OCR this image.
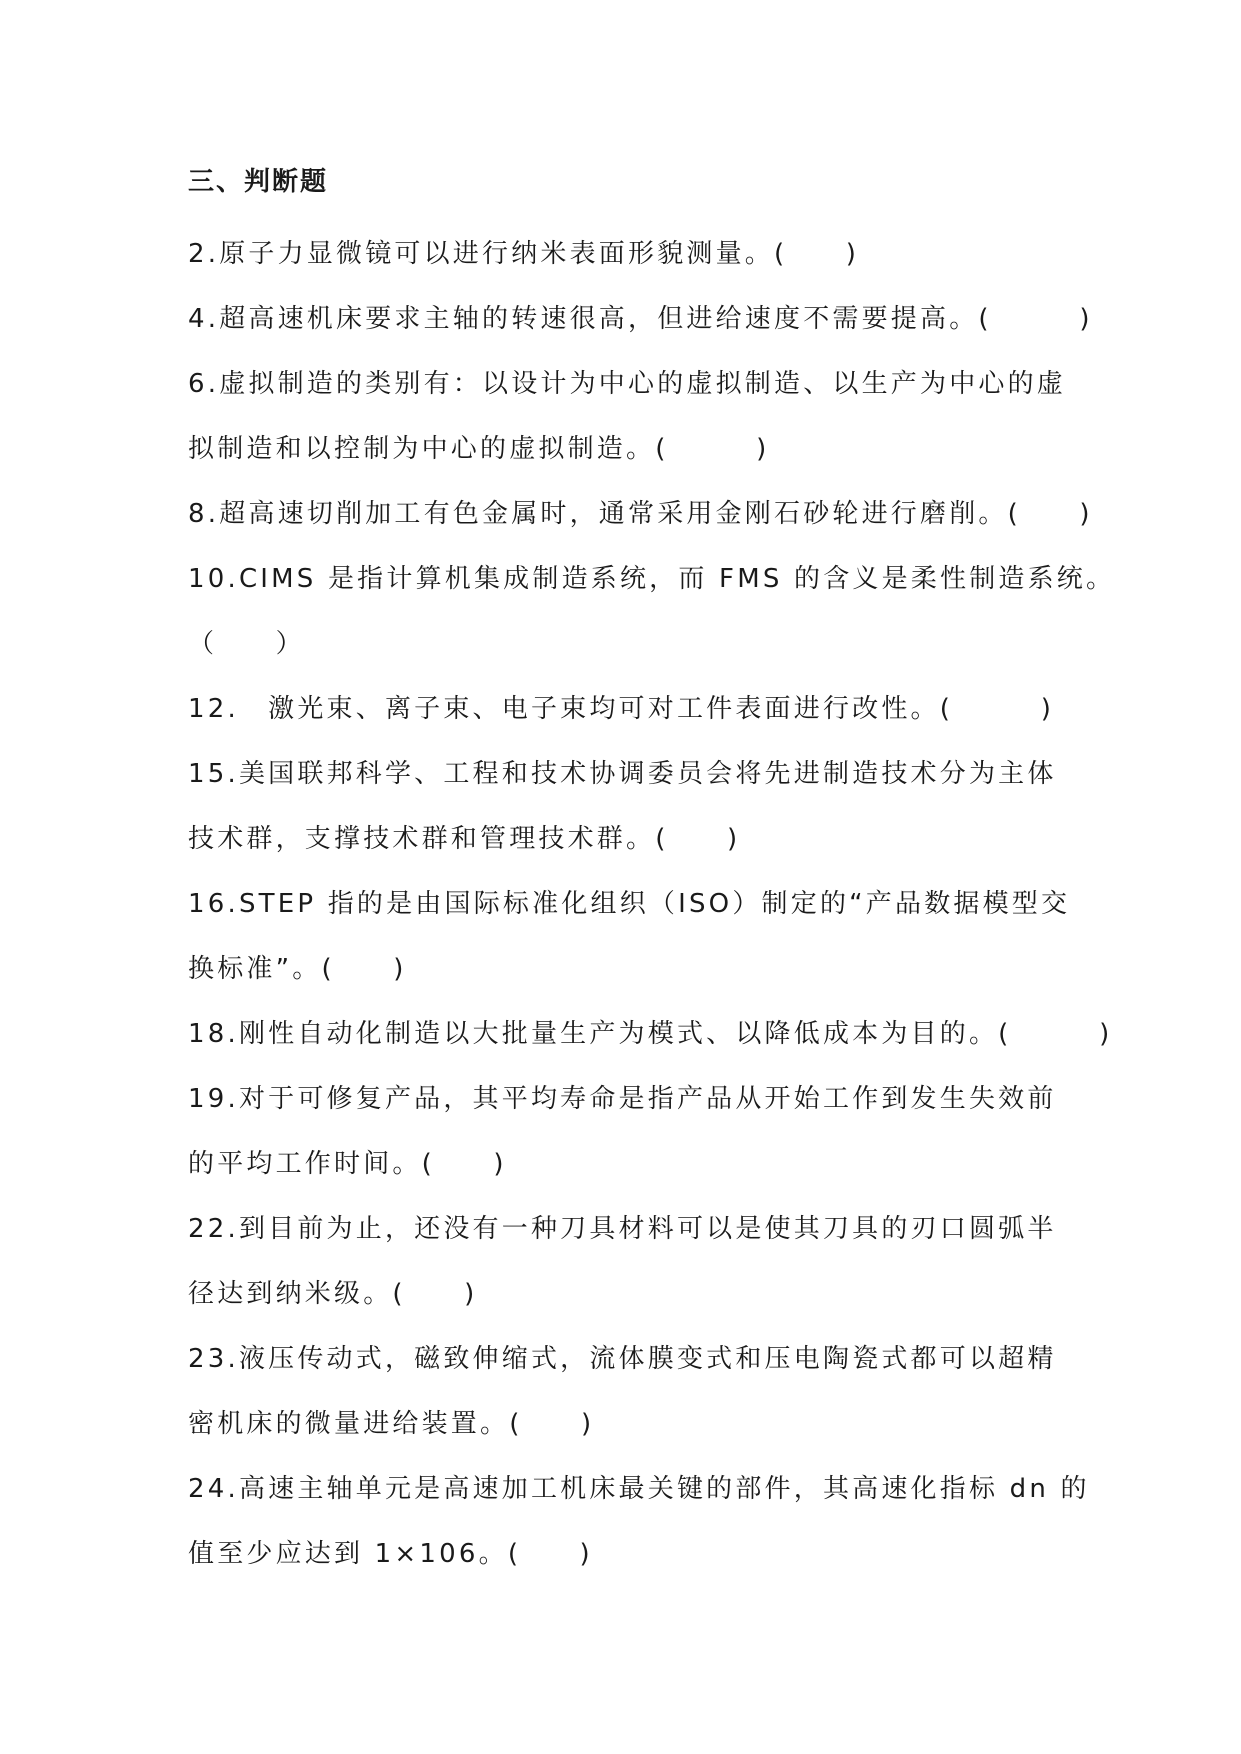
三、判断题
2.原子力显微镜可以进行纳米表面形貌测量。(　　)
4.超高速机床要求主轴的转速很高，但进给速度不需要提高。(　　　)
6.虚拟制造的类别有：以设计为中心的虚拟制造、以生产为中心的虚
拟制造和以控制为中心的虚拟制造。(　　　)
8.超高速切削加工有色金属时，通常采用金刚石砂轮进行磨削。(　　)
10.CIMS 是指计算机集成制造系统，而 FMS 的含义是柔性制造系统。
（　　）
12.　激光束、离子束、电子束均可对工件表面进行改性。(　　　)
15.美国联邦科学、工程和技术协调委员会将先进制造技术分为主体
技术群，支撑技术群和管理技术群。(　　)
16.STEP 指的是由国际标准化组织（ISO）制定的“产品数据模型交
换标准”。(　　)
18.刚性自动化制造以大批量生产为模式、以降低成本为目的。(　　　)
19.对于可修复产品，其平均寿命是指产品从开始工作到发生失效前
的平均工作时间。(　　)
22.到目前为止，还没有一种刀具材料可以是使其刀具的刃口圆弧半
径达到纳米级。(　　)
23.液压传动式，磁致伸缩式，流体膜变式和压电陶瓷式都可以超精
密机床的微量进给装置。(　　)
24.高速主轴单元是高速加工机床最关键的部件，其高速化指标 dn 的
值至少应达到 1×106。(　　)
